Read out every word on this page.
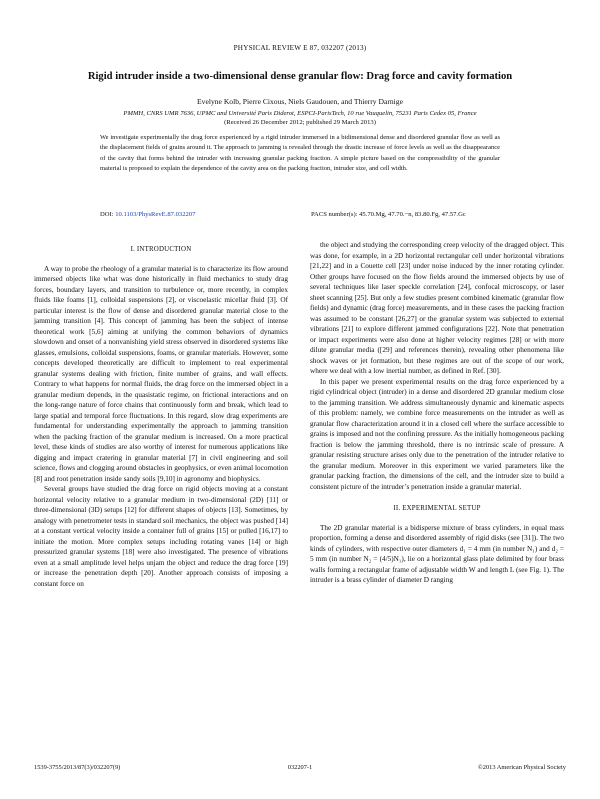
PHYSICAL REVIEW E 87, 032207 (2013)
Rigid intruder inside a two-dimensional dense granular flow: Drag force and cavity formation
Evelyne Kolb, Pierre Cixous, Niels Gaudouen, and Thierry Darnige
PMMH, CNRS UMR 7636, UPMC and Université Paris Diderot, ESPCI-ParisTech, 10 rue Vauquelin, 75231 Paris Cedex 05, France
(Received 26 December 2012; published 29 March 2013)
We investigate experimentally the drag force experienced by a rigid intruder immersed in a bidimensional dense and disordered granular flow as well as the displacement fields of grains around it. The approach to jamming is revealed through the drastic increase of force levels as well as the disappearance of the cavity that forms behind the intruder with increasing granular packing fraction. A simple picture based on the compressibility of the granular material is proposed to explain the dependence of the cavity area on the packing fraction, intruder size, and cell width.
DOI: 10.1103/PhysRevE.87.032207	PACS number(s): 45.70.Mg, 47.70.−n, 83.80.Fg, 47.57.Gc
I. INTRODUCTION

A way to probe the rheology of a granular material is to characterize its flow around immersed objects like what was done historically in fluid mechanics to study drag forces, boundary layers, and transition to turbulence or, more recently, in complex fluids like foams [1], colloidal suspensions [2], or viscoelastic micellar fluid [3]. Of particular interest is the flow of dense and disordered granular material close to the jamming transition [4]. This concept of jamming has been the subject of intense theoretical work [5,6] aiming at unifying the common behaviors of dynamics slowdown and onset of a nonvanishing yield stress observed in disordered systems like glasses, emulsions, colloidal suspensions, foams, or granular materials. However, some concepts developed theoretically are difficult to implement to real experimental granular systems dealing with friction, finite number of grains, and wall effects. Contrary to what happens for normal fluids, the drag force on the immersed object in a granular medium depends, in the quasistatic regime, on frictional interactions and on the long-range nature of force chains that continuously form and break, which lead to large spatial and temporal force fluctuations. In this regard, slow drag experiments are fundamental for understanding experimentally the approach to jamming transition when the packing fraction of the granular medium is increased. On a more practical level, these kinds of studies are also worthy of interest for numerous applications like digging and impact cratering in granular material [7] in civil engineering and soil science, flows and clogging around obstacles in geophysics, or even animal locomotion [8] and root penetration inside sandy soils [9,10] in agronomy and biophysics.

Several groups have studied the drag force on rigid objects moving at a constant horizontal velocity relative to a granular medium in two-dimensional (2D) [11] or three-dimensional (3D) setups [12] for different shapes of objects [13]. Sometimes, by analogy with penetrometer tests in standard soil mechanics, the object was pushed [14] at a constant vertical velocity inside a container full of grains [15] or pulled [16,17] to initiate the motion. More complex setups including rotating vanes [14] or high pressurized granular systems [18] were also investigated. The presence of vibrations even at a small amplitude level helps unjam the object and reduce the drag force [19] or increase the penetration depth [20]. Another approach consists of imposing a constant force on

the object and studying the corresponding creep velocity of the dragged object. This was done, for example, in a 2D horizontal rectangular cell under horizontal vibrations [21,22] and in a Couette cell [23] under noise induced by the inner rotating cylinder. Other groups have focused on the flow fields around the immersed objects by use of several techniques like laser speckle correlation [24], confocal microscopy, or laser sheet scanning [25]. But only a few studies present combined kinematic (granular flow fields) and dynamic (drag force) measurements, and in these cases the packing fraction was assumed to be constant [26,27] or the granular system was subjected to external vibrations [21] to explore different jammed configurations [22]. Note that penetration or impact experiments were also done at higher velocity regimes [28] or with more dilute granular media ([29] and references therein), revealing other phenomena like shock waves or jet formation, but these regimes are out of the scope of our work, where we deal with a low inertial number, as defined in Ref. [30].

In this paper we present experimental results on the drag force experienced by a rigid cylindrical object (intruder) in a dense and disordered 2D granular medium close to the jamming transition. We address simultaneously dynamic and kinematic aspects of this problem: namely, we combine force measurements on the intruder as well as granular flow characterization around it in a closed cell where the surface accessible to grains is imposed and not the confining pressure. As the initially homogeneous packing fraction is below the jamming threshold, there is no intrinsic scale of pressure. A granular resisting structure arises only due to the penetration of the intruder relative to the granular medium. Moreover in this experiment we varied parameters like the granular packing fraction, the dimensions of the cell, and the intruder size to build a consistent picture of the intruder’s penetration inside a granular material.

II. EXPERIMENTAL SETUP

The 2D granular material is a bidisperse mixture of brass cylinders, in equal mass proportion, forming a dense and disordered assembly of rigid disks (see [31]). The two kinds of cylinders, with respective outer diameters d₁ = 4 mm (in number N₁) and d₂ = 5 mm (in number N₂ = (4/5)N₁), lie on a horizontal glass plate delimited by four brass walls forming a rectangular frame of adjustable width W and length L (see Fig. 1). The intruder is a brass cylinder of diameter D ranging

1539-3755/2013/87(3)/032207(9)	032207-1	©2013 American Physical Society
